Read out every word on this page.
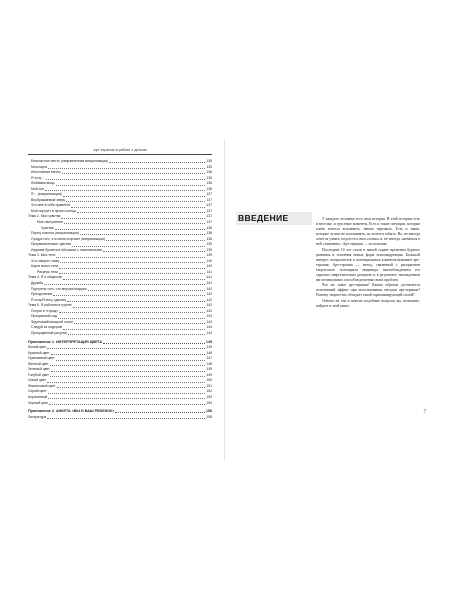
Арт-терапия в работе с детьми
Безопасное место (направленная визуализация)	135
Моя карта	135
Исполнение мечты	136
Я хочу…	136
Любимая вещь	136
Мой сон	136
Я… (визуализация)	137
Воображаемый зверь	137
Что мне в себе нравится	137
Мой портрет в лучах солнца	137
Тема 2. Мои чувства	137
Мое настроение	137
Чувства	138
Порец счастья (визуализация)	138
Сундук того, что меня огорчает (визуализация)	138
Преувеличенные чувства	139
Издание буклета в обложках с назначениями	139
Тема 3. Моя тело	139
Что говорят глаза	140
Карта моего тела	140
Рисунок тела	141
Тема 4. Я и общество	141
Дружба	141
Портреты того, что внутри/снаружи	142
Преодоление	142
Я хочу/Я могу сделать	142
Тема 5. Я работаю в группе	142
Отпуск и «город»	142
Прекрасный сад	143
Фруктовый/овощной салат	143
Следуй за лидером	144
Пропущенный рисунок	144
Приложение 1. ИНТЕРПРЕТАЦИЯ ЦВЕТА	145
Белый цвет	145
Красный цвет	146
Оранжевый цвет	147
Желтый цвет	148
Зеленый цвет	149
Голубой цвет	149
Синий цвет	150
Фиолетовый цвет	151
Серый цвет	152
Коричневый	153
Черный цвет	154
Приложение 2. АНКЕТА «ВЫ И ВАШ РЕБЕНОК»	156
Литература	158
ВВЕДЕНИЕ	У каждого человека есть своя история. В этой истории есть и веселые, и грустные моменты. Есть и такие ситуации, которые очень хочется вспомнить, заново пережить. Есть и такие, которые лучше не вспоминать, но хочется забыть. Но, не-иногда хочется узнать, подсесть к ним «ловко» и, не-иногда «меняться в ней «заменить». Арт-терапия — это ключик.

Последние 10 лет стали в нашей стране временем бурного развития и освоения новых форм психокоррекции. Большой интерес специалистов и потенциальных клиентов вызывает арт-терапия. Арт-терапия — метод, связанный с раскрытием творческого потенциала индивида, высвобождением его скрытых энергетических резервов и, в результате, нахождением им оптимальных способов решения своих проблем.

Что же такое арт-терапия? Каким образом достигается позитивный эффект при использовании методов арт-терапии? Почему творчество обладает такой гармонизирующей силой?

Ответы на эти и многие подобные вопросы вы, возможно, найдете в этой книге.

7
